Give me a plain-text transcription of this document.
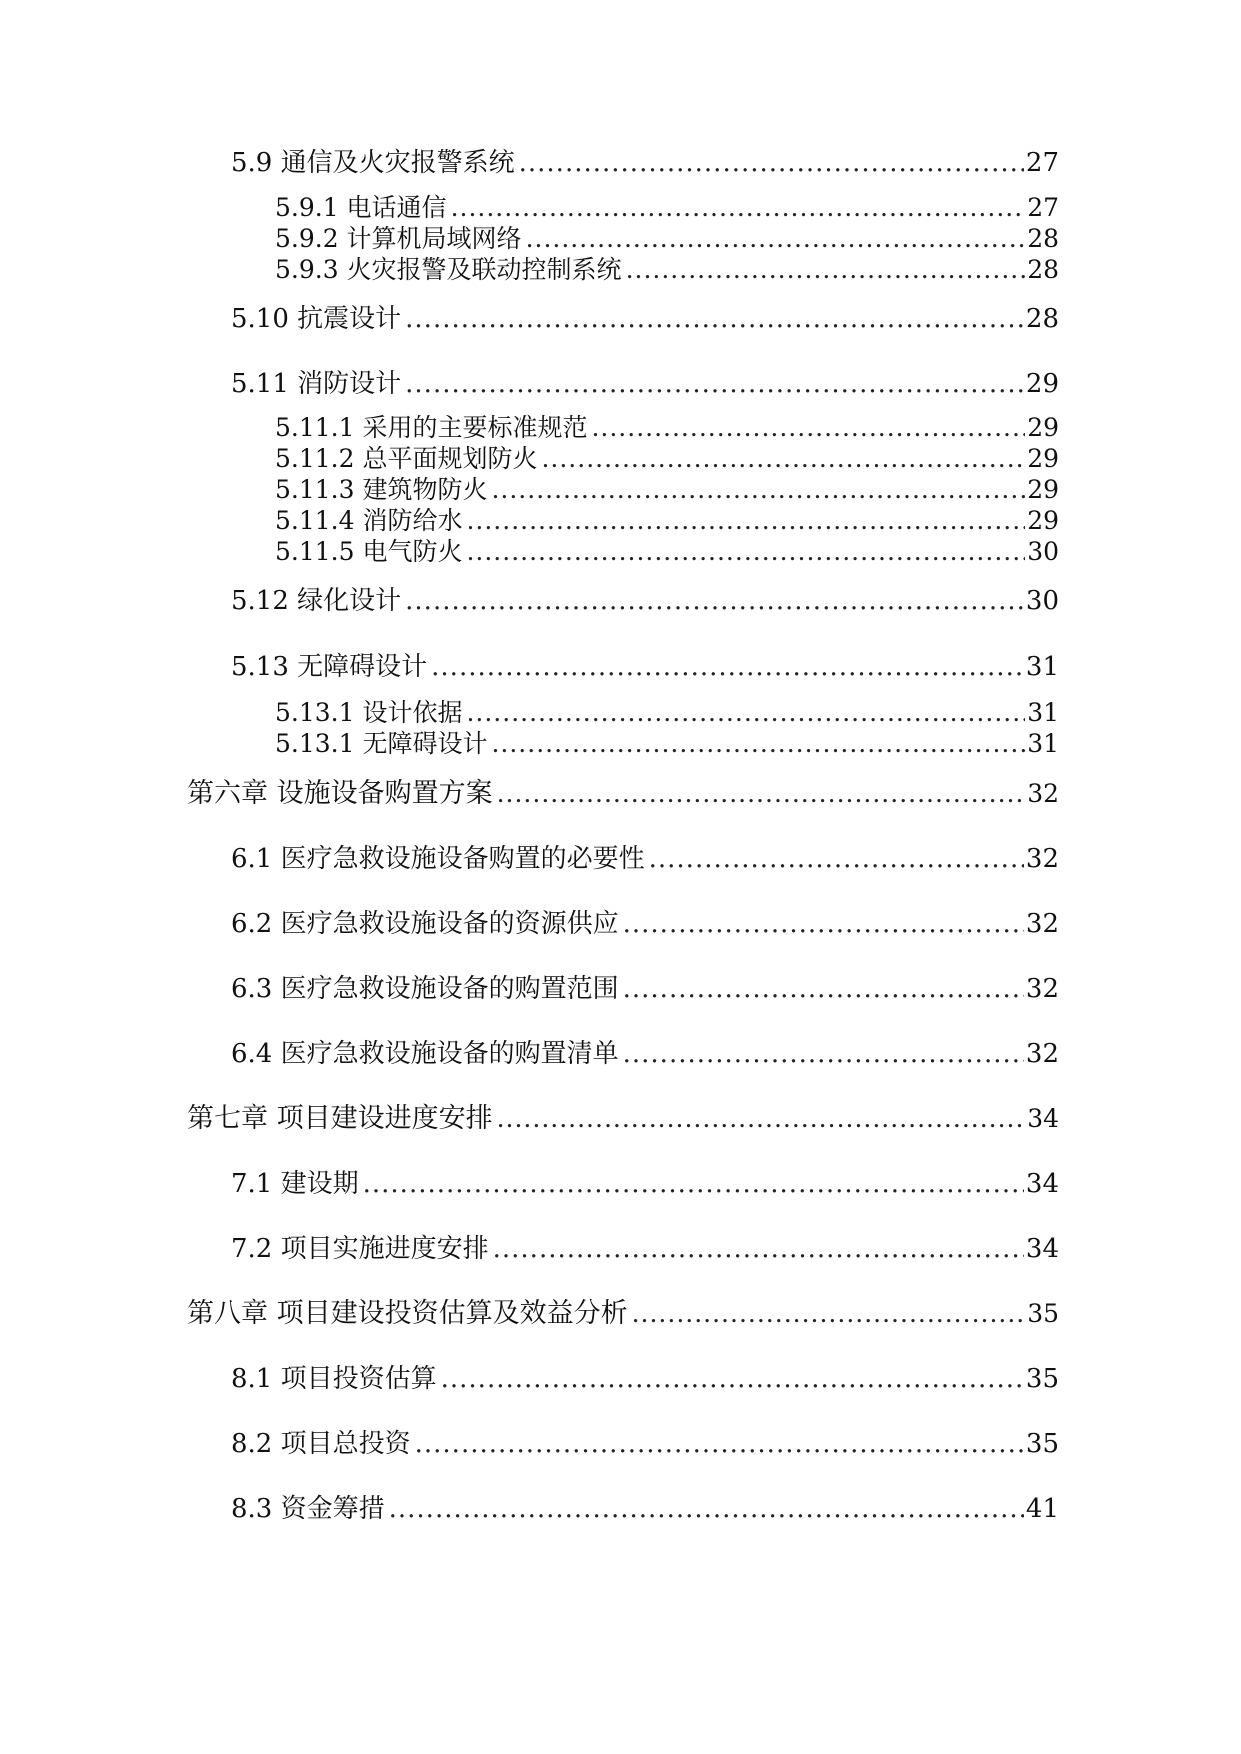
5.9 通信及火灾报警系统 .....	27
5.9.1 电话通信 .....	27
5.9.2 计算机局域网络 .....	28
5.9.3 火灾报警及联动控制系统 .....	28
5.10 抗震设计 .....	28
5.11 消防设计 .....	29
5.11.1 采用的主要标准规范 .....	29
5.11.2 总平面规划防火 .....	29
5.11.3 建筑物防火 .....	29
5.11.4 消防给水 .....	29
5.11.5 电气防火 .....	30
5.12 绿化设计 .....	30
5.13 无障碍设计 .....	31
5.13.1 设计依据 .....	31
5.13.1 无障碍设计 .....	31
第六章 设施设备购置方案 .....	32
6.1 医疗急救设施设备购置的必要性 .....	32
6.2 医疗急救设施设备的资源供应 .....	32
6.3 医疗急救设施设备的购置范围 .....	32
6.4 医疗急救设施设备的购置清单 .....	32
第七章 项目建设进度安排 .....	34
7.1 建设期 .....	34
7.2 项目实施进度安排 .....	34
第八章 项目建设投资估算及效益分析 .....	35
8.1 项目投资估算 .....	35
8.2 项目总投资 .....	35
8.3 资金筹措 .....	41
